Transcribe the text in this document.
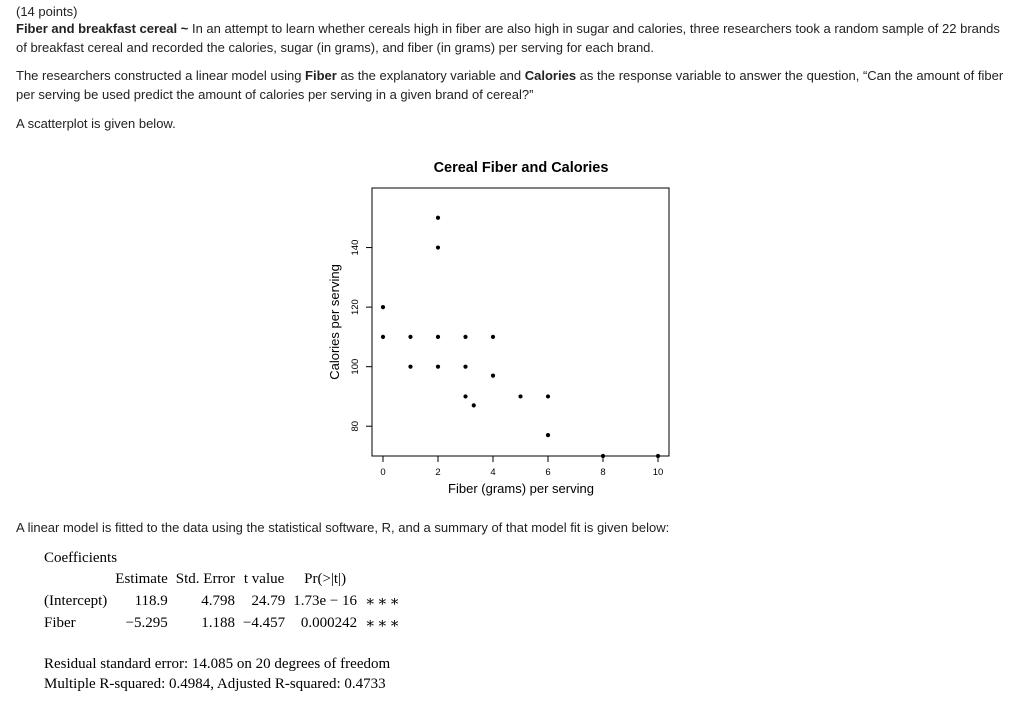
(14 points)

Fiber and breakfast cereal ~ In an attempt to learn whether cereals high in fiber are also high in sugar and calories, three researchers took a random sample of 22 brands of breakfast cereal and recorded the calories, sugar (in grams), and fiber (in grams) per serving for each brand.

The researchers constructed a linear model using Fiber as the explanatory variable and Calories as the response variable to answer the question, “Can the amount of fiber per serving be used predict the amount of calories per serving in a given brand of cereal?”

A scatterplot is given below.
Cereal Fiber and Calories
0	2	4	6	8	10
80
100
120
140
Fiber (grams) per serving
Calories per serving
A linear model is fitted to the data using the statistical software, R, and a summary of that model fit is given below:
Coefficients
	Estimate	Std. Error	t value	Pr(>|t|)	
(Intercept)	118.9	4.798	24.79	1.73e − 16	∗∗∗
Fiber	−5.295	1.188	−4.457	0.000242	∗∗∗
Residual standard error: 14.085 on 20 degrees of freedom
Multiple R-squared: 0.4984, Adjusted R-squared: 0.4733
